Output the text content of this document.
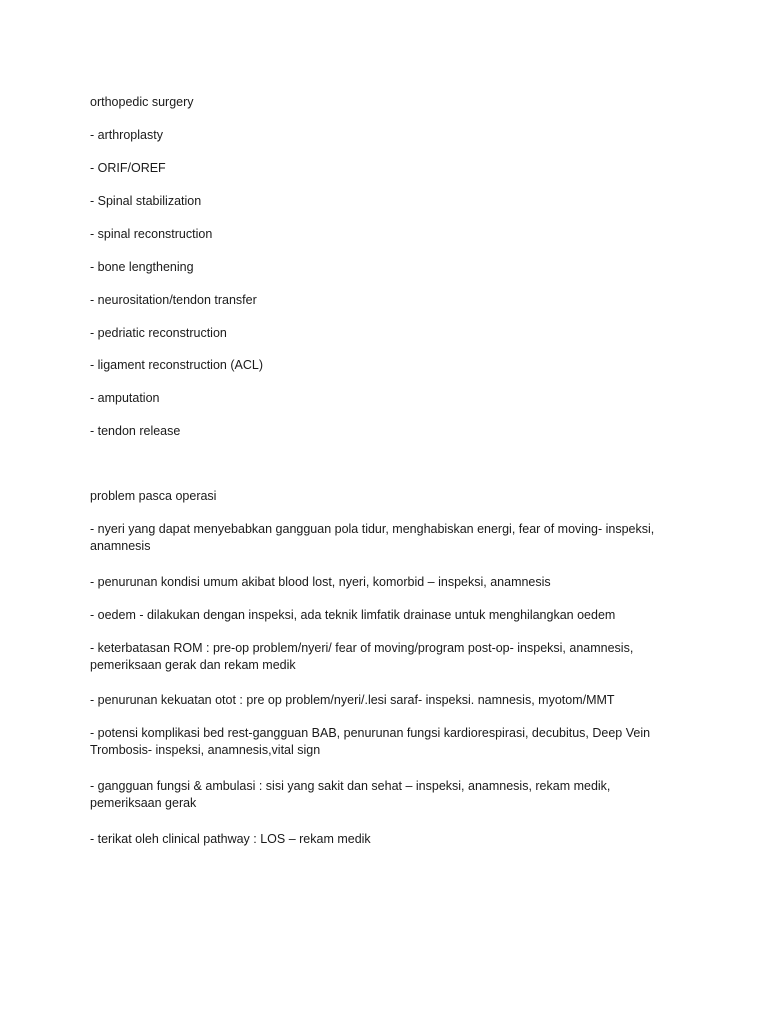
orthopedic surgery

- arthroplasty

- ORIF/OREF

- Spinal stabilization

- spinal reconstruction

- bone lengthening

- neurositation/tendon transfer

- pedriatic reconstruction

- ligament reconstruction (ACL)

- amputation

- tendon release

problem pasca operasi

- nyeri yang dapat menyebabkan gangguan pola tidur, menghabiskan energi, fear of moving- inspeksi, anamnesis

- penurunan kondisi umum akibat blood lost, nyeri, komorbid – inspeksi, anamnesis

- oedem - dilakukan dengan inspeksi, ada teknik limfatik drainase untuk menghilangkan oedem

- keterbatasan ROM : pre-op problem/nyeri/ fear of moving/program post-op- inspeksi, anamnesis, pemeriksaan gerak dan rekam medik

- penurunan kekuatan otot : pre op problem/nyeri/.lesi saraf- inspeksi. namnesis, myotom/MMT

- potensi komplikasi bed rest-gangguan BAB, penurunan fungsi kardiorespirasi, decubitus, Deep Vein Trombosis- inspeksi, anamnesis,vital sign

- gangguan fungsi & ambulasi : sisi yang sakit dan sehat – inspeksi, anamnesis, rekam medik, pemeriksaan gerak

- terikat oleh clinical pathway : LOS – rekam medik
